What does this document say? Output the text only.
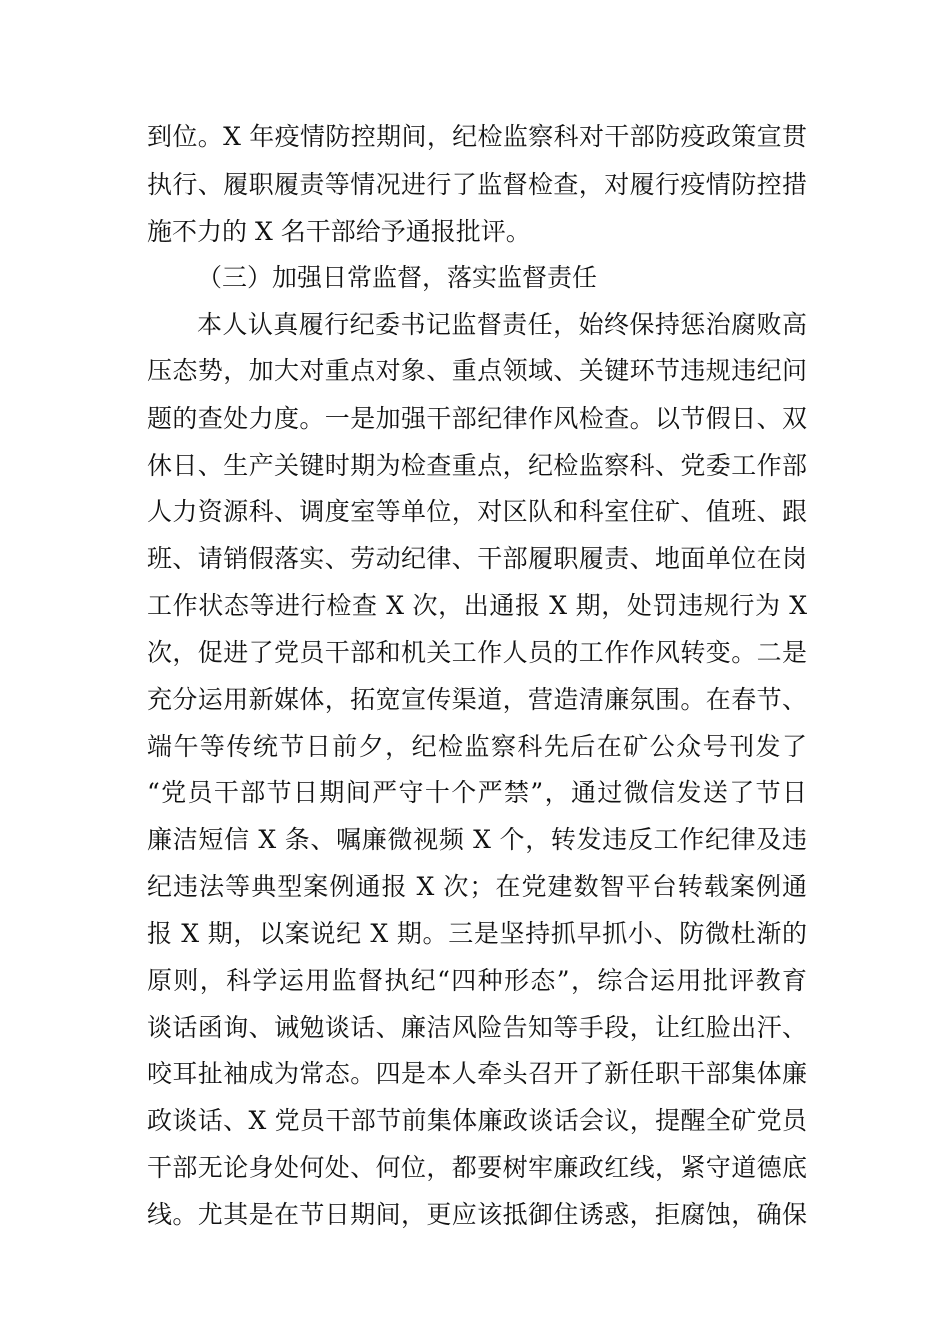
到位。X 年疫情防控期间，纪检监察科对干部防疫政策宣贯
执行、履职履责等情况进行了监督检查，对履行疫情防控措
施不力的 X 名干部给予通报批评。
（三）加强日常监督，落实监督责任
本人认真履行纪委书记监督责任，始终保持惩治腐败高
压态势，加大对重点对象、重点领域、关键环节违规违纪问
题的查处力度。一是加强干部纪律作风检查。以节假日、双
休日、生产关键时期为检查重点，纪检监察科、党委工作部
人力资源科、调度室等单位，对区队和科室住矿、值班、跟
班、请销假落实、劳动纪律、干部履职履责、地面单位在岗
工作状态等进行检查 X 次，出通报 X 期，处罚违规行为 X
次，促进了党员干部和机关工作人员的工作作风转变。二是
充分运用新媒体，拓宽宣传渠道，营造清廉氛围。在春节、
端午等传统节日前夕，纪检监察科先后在矿公众号刊发了
“党员干部节日期间严守十个严禁”，通过微信发送了节日
廉洁短信 X 条、嘱廉微视频 X 个，转发违反工作纪律及违
纪违法等典型案例通报 X 次；在党建数智平台转载案例通
报 X 期，以案说纪 X 期。三是坚持抓早抓小、防微杜渐的
原则，科学运用监督执纪“四种形态”，综合运用批评教育
谈话函询、诫勉谈话、廉洁风险告知等手段，让红脸出汗、
咬耳扯袖成为常态。四是本人牵头召开了新任职干部集体廉
政谈话、X 党员干部节前集体廉政谈话会议，提醒全矿党员
干部无论身处何处、何位，都要树牢廉政红线，紧守道德底
线。尤其是在节日期间，更应该抵御住诱惑，拒腐蚀，确保
